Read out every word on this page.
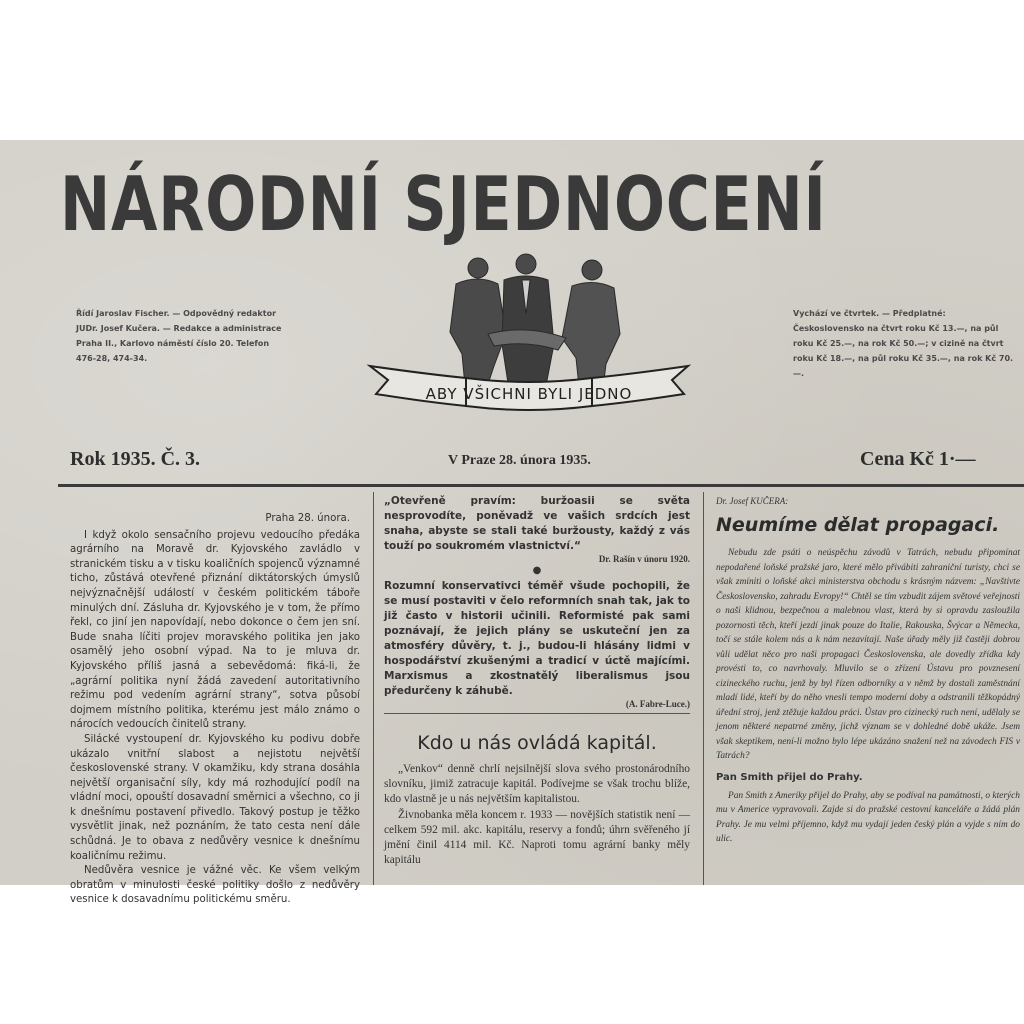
NÁRODNÍ SJEDNOCENÍ
Řídí Jaroslav Fischer. — Odpovědný redaktor JUDr. Josef Kučera. — Redakce a administrace Praha II., Karlovo náměstí číslo 20. Telefon 476-28, 474-34.
ABY VŠICHNI BYLI JEDNO
Vychází ve čtvrtek. — Předplatné: Československo na čtvrt roku Kč 13.—, na půl roku Kč 25.—, na rok Kč 50.—; v cizině na čtvrt roku Kč 18.—, na půl roku Kč 35.—, na rok Kč 70.—.
Rok 1935. Č. 3.	V Praze 28. února 1935.	Cena Kč 1·—
Praha 28. února.

I když okolo sensačního projevu vedoucího předáka agrárního na Moravě dr. Kyjovského zavládlo v stranickém tisku a v tisku koaličních spojenců významné ticho, zůstává otevřené přiznání diktátorských úmyslů nejvýznačnější událostí v českém politickém táboře minulých dní. Zásluha dr. Kyjovského je v tom, že přímo řekl, co jiní jen napovídají, nebo dokonce o čem jen sní. Bude snaha líčiti projev moravského politika jen jako osamělý jeho osobní výpad. Na to je mluva dr. Kyjovského příliš jasná a sebevědomá: fiká-li, že „agrární politika nyní žádá zavedení autoritativního režimu pod vedením agrární strany“, sotva působí dojmem místního politika, kterému jest málo známo o nárocích vedoucích činitelů strany.

Silácké vystoupení dr. Kyjovského ku podivu dobře ukázalo vnitřní slabost a nejistotu největší československé strany. V okamžiku, kdy strana dosáhla největší organisační síly, kdy má rozhodující podíl na vládní moci, opouští dosavadní směrnici a všechno, co ji k dnešnímu postavení přivedlo. Takový postup je těžko vysvětlit jinak, než poznáním, že tato cesta není dále schůdná. Je to obava z nedůvěry vesnice k dnešnímu koaličnímu režimu.

Nedůvěra vesnice je vážné věc. Ke všem velkým obratům v minulosti české politiky došlo z nedůvěry vesnice k dosavadnímu politickému směru.

„Otevřeně pravím: buržoasii se světa nesprovodíte, poněvadž ve vašich srdcích jest snaha, abyste se stali také buržousty, každý z vás touží po soukromém vlastnictví.“

Dr. Rašín v únoru 1920.

●

Rozumní konservativci téměř všude pochopili, že se musí postaviti v čelo reformních snah tak, jak to již často v historii učinili. Reformisté pak sami poznávají, že jejich plány se uskuteční jen za atmosféry důvěry, t. j., budou-li hlásány lidmi v hospodářství zkušenými a tradicí v úctě majícími. Marxismus a zkostnatělý liberalismus jsou předurčeny k záhubě.

(A. Fabre-Luce.)

Kdo u nás ovládá kapitál.

„Venkov“ denně chrlí nejsilnější slova svého prostonárodního slovníku, jimiž zatracuje kapitál. Podívejme se však trochu blíže, kdo vlastně je u nás největším kapitalistou.

Živnobanka měla koncem r. 1933 — novějších statistik není — celkem 592 mil. akc. kapitálu, reservy a fondů; úhrn svěřeného jí jmění činil 4114 mil. Kč. Naproti tomu agrární banky měly kapitálu

Dr. Josef KUČERA:

Neumíme dělat propagaci.

Nebudu zde psáti o neúspěchu závodů v Tatrách, nebudu připomínat nepodařené loňské pražské jaro, které mělo přivábiti zahraniční turisty, chci se však zmíniti o loňské akci ministerstva obchodu s krásným názvem: „Navštivte Československo, zahradu Evropy!“ Chtěl se tím vzbudit zájem světové veřejnosti o naši klidnou, bezpečnou a malebnou vlast, která by si opravdu zasloužila pozornosti těch, kteří jezdí jinak pouze do Italie, Rakouska, Švýcar a Německa, točí se stále kolem nás a k nám nezavítají. Naše úřady měly již častěji dobrou vůli udělat něco pro naši propagaci Československa, ale dovedly zřídka kdy provésti to, co navrhovaly. Mluvilo se o zřízení Ústavu pro povznesení cizineckého ruchu, jenž by byl řízen odborníky a v němž by dostali zaměstnání mladí lidé, kteří by do něho vnesli tempo moderní doby a odstranili těžkopádný úřední stroj, jenž ztěžuje každou práci. Ústav pro cizinecký ruch není, udělaly se jenom některé nepatrné změny, jichž význam se v dohledné době ukáže. Jsem však skeptikem, není-li možno bylo lépe ukázáno snažení než na závodech FIS v Tatrách?

Pan Smith přijel do Prahy.

Pan Smith z Ameriky přijel do Prahy, aby se podíval na památnosti, o kterých mu v Americe vypravovali. Zajde si do pražské cestovní kanceláře a žádá plán Prahy. Je mu velmi příjemno, když mu vydají jeden český plán a vyjde s ním do ulic.
